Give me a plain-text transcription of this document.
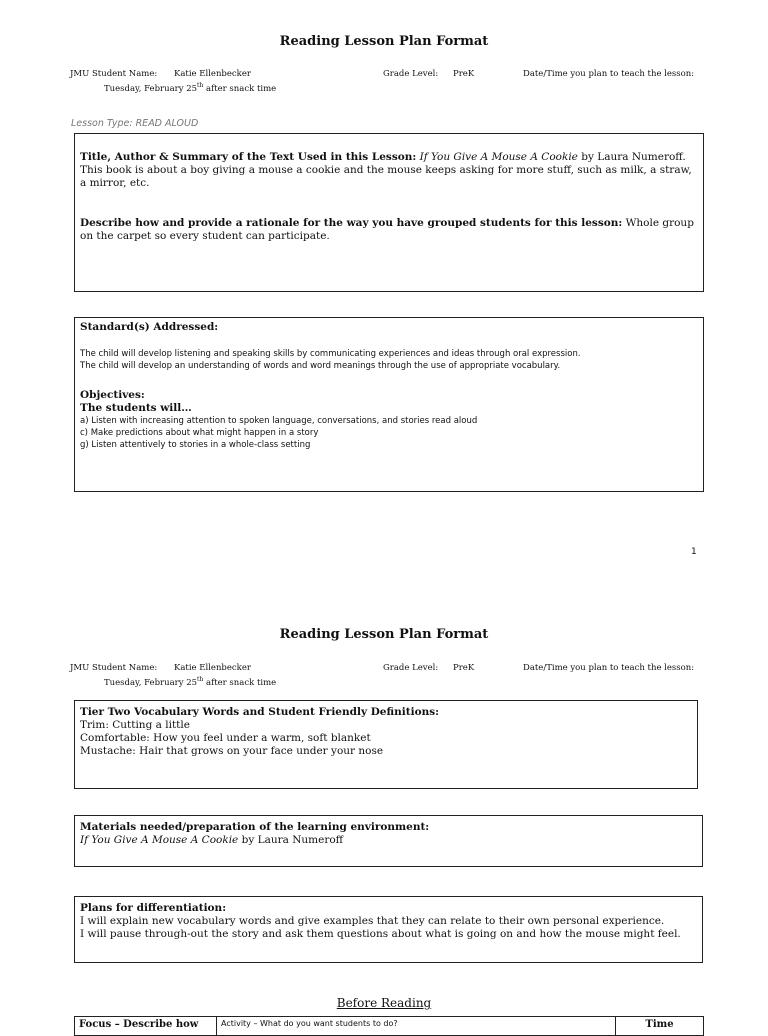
Reading Lesson Plan Format
JMU Student Name: Katie Ellenbecker	Grade Level: PreK	Date/Time you plan to teach the lesson:
Tuesday, February 25th after snack time
Lesson Type: READ ALOUD
Title, Author & Summary of the Text Used in this Lesson: If You Give A Mouse A Cookie by Laura Numeroff. This book is about a boy giving a mouse a cookie and the mouse keeps asking for more stuff, such as milk, a straw, a mirror, etc.
Describe how and provide a rationale for the way you have grouped students for this lesson: Whole group on the carpet so every student can participate.
Standard(s) Addressed:
The child will develop listening and speaking skills by communicating experiences and ideas through oral expression.
The child will develop an understanding of words and word meanings through the use of appropriate vocabulary.
Objectives:
The students will…
a) Listen with increasing attention to spoken language, conversations, and stories read aloud
c) Make predictions about what might happen in a story
g) Listen attentively to stories in a whole-class setting
1
Reading Lesson Plan Format
JMU Student Name: Katie Ellenbecker	Grade Level: PreK	Date/Time you plan to teach the lesson:
Tuesday, February 25th after snack time
Tier Two Vocabulary Words and Student Friendly Definitions:
Trim: Cutting a little
Comfortable: How you feel under a warm, soft blanket
Mustache: Hair that grows on your face under your nose
Materials needed/preparation of the learning environment:
If You Give A Mouse A Cookie by Laura Numeroff
Plans for differentiation:
I will explain new vocabulary words and give examples that they can relate to their own personal experience.
I will pause through-out the story and ask them questions about what is going on and how the mouse might feel.
Before Reading
Focus – Describe how	Activity – What do you want students to do?	Time
